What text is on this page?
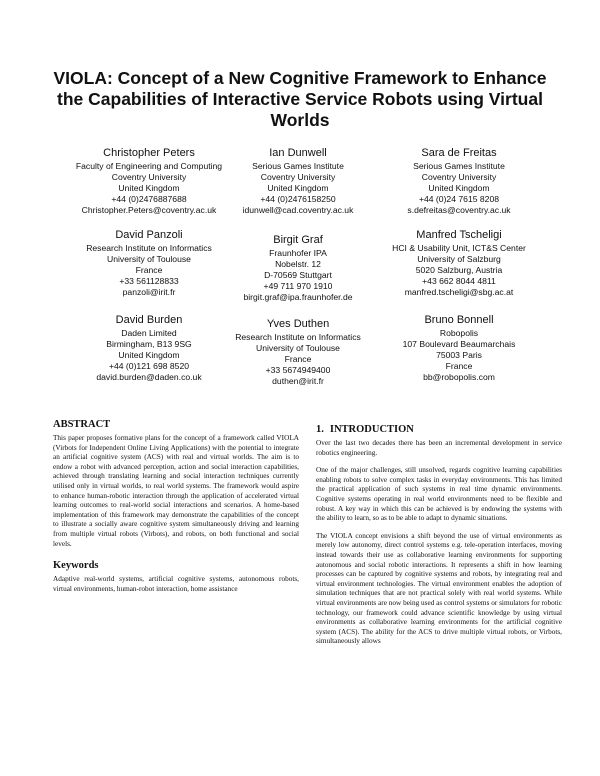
VIOLA: Concept of a New Cognitive Framework to Enhance the Capabilities of Interactive Service Robots using Virtual Worlds
Christopher Peters
Faculty of Engineering and Computing
Coventry University
United Kingdom
+44 (0)2476887688
Christopher.Peters@coventry.ac.uk
Ian Dunwell
Serious Games Institute
Coventry University
United Kingdom
+44 (0)2476158250
idunwell@cad.coventry.ac.uk
Sara de Freitas
Serious Games Institute
Coventry University
United Kingdom
+44 (0)24 7615 8208
s.defreitas@coventry.ac.uk
David Panzoli
Research Institute on Informatics
University of Toulouse
France
+33 561128833
panzoli@irit.fr
Birgit Graf
Fraunhofer IPA
Nobelstr. 12
D-70569 Stuttgart
+49 711 970 1910
birgit.graf@ipa.fraunhofer.de
Manfred Tscheligi
HCI & Usability Unit, ICT&S Center
University of Salzburg
5020 Salzburg, Austria
+43 662 8044 4811
manfred.tscheligi@sbg.ac.at
David Burden
Daden Limited
Birmingham, B13 9SG
United Kingdom
+44 (0)121 698 8520
david.burden@daden.co.uk
Yves Duthen
Research Institute on Informatics
University of Toulouse
France
+33 5674949400
duthen@irit.fr
Bruno Bonnell
Robopolis
107 Boulevard Beaumarchais
75003 Paris
France
bb@robopolis.com
ABSTRACT

This paper proposes formative plans for the concept of a framework called VIOLA (Virbots for Independent Online Living Applications) with the potential to integrate an artificial cognitive system (ACS) with real and virtual worlds. The aim is to endow a robot with advanced perception, action and social interaction capabilities, achieved through translating learning and social interaction techniques currently utilised only in virtual worlds, to real world systems. The framework would aspire to enhance human-robotic interaction through the application of accelerated virtual learning outcomes to real-world social interactions and scenarios. A home-based implementation of this framework may demonstrate the capabilities of the concept to illustrate a socially aware cognitive system simultaneously driving and learning from multiple virtual robots (Virbots), and robots, on both functional and social levels.

Keywords

Adaptive real-world systems, artificial cognitive systems, autonomous robots, virtual environments, human-robot interaction, home assistance

1. INTRODUCTION

Over the last two decades there has been an incremental development in service robotics engineering.

One of the major challenges, still unsolved, regards cognitive learning capabilities enabling robots to solve complex tasks in everyday environments. This has limited the practical application of such systems in real time dynamic environments. Cognitive systems operating in real world environments need to be flexible and robust. A key way in which this can be achieved is by endowing the systems with the ability to learn, so as to be able to adapt to dynamic situations.

The VIOLA concept envisions a shift beyond the use of virtual environments as merely low autonomy, direct control systems e.g. tele-operation interfaces, moving instead towards their use as collaborative learning environments for supporting autonomous and social robotic interactions. It represents a shift in how learning processes can be captured by cognitive systems and robots, by integrating real and virtual environment technologies. The virtual environment enables the adoption of simulation techniques that are not practical solely with real world systems. While virtual environments are now being used as control systems or simulators for robotic technology, our framework could advance scientific knowledge by using virtual environments as collaborative learning environments for the artificial cognitive system (ACS). The ability for the ACS to drive multiple virtual robots, or Virbots, simultaneously allows
